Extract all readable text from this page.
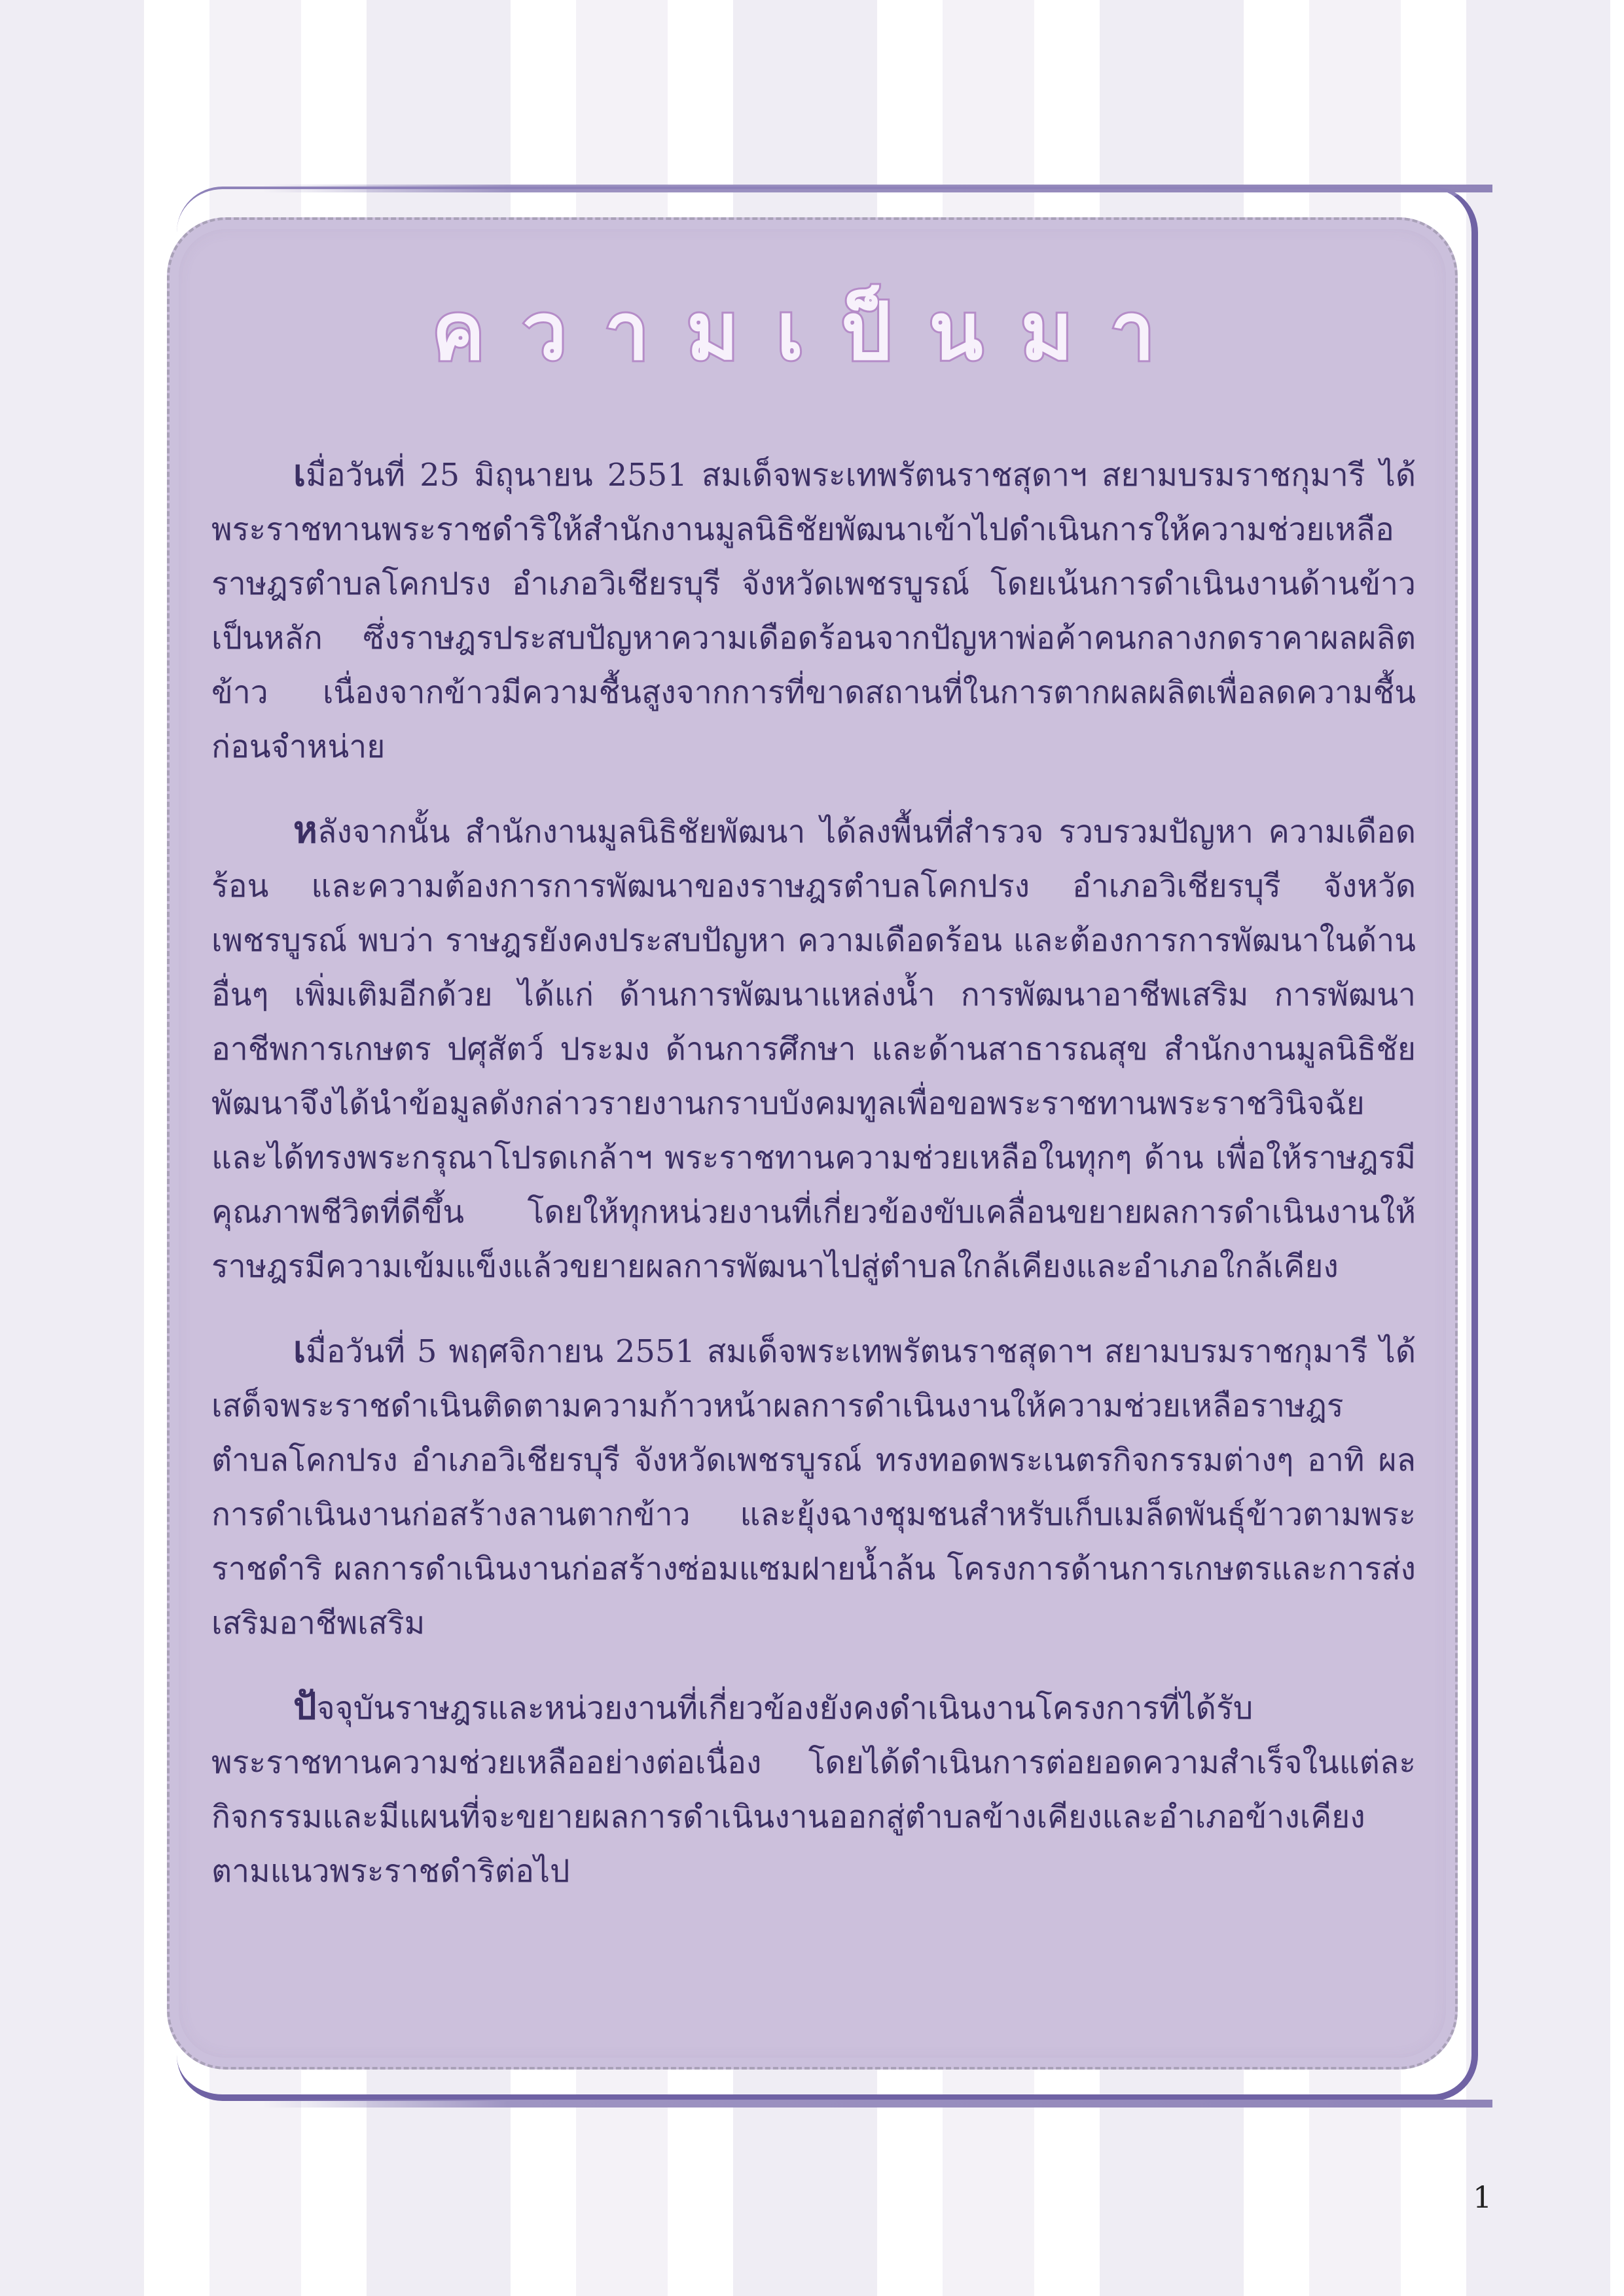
ความเป็นมา

เมื่อวันที่ 25 มิถุนายน 2551 สมเด็จพระเทพรัตนราชสุดาฯ สยามบรมราชกุมารี ได้พระราชทานพระราชดำริให้สำนักงานมูลนิธิชัยพัฒนาเข้าไปดำเนินการให้ความช่วยเหลือราษฎรตำบลโคกปรง อำเภอวิเชียรบุรี จังหวัดเพชรบูรณ์ โดยเน้นการดำเนินงานด้านข้าวเป็นหลัก ซึ่งราษฎรประสบปัญหาความเดือดร้อนจากปัญหาพ่อค้าคนกลางกดราคาผลผลิตข้าว เนื่องจากข้าวมีความชื้นสูงจากการที่ขาดสถานที่ในการตากผลผลิตเพื่อลดความชื้นก่อนจำหน่าย

หลังจากนั้น สำนักงานมูลนิธิชัยพัฒนา ได้ลงพื้นที่สำรวจ รวบรวมปัญหา ความเดือดร้อน และความต้องการการพัฒนาของราษฎรตำบลโคกปรง อำเภอวิเชียรบุรี จังหวัดเพชรบูรณ์ พบว่า ราษฎรยังคงประสบปัญหา ความเดือดร้อน และต้องการการพัฒนาในด้านอื่นๆ เพิ่มเติมอีกด้วย ได้แก่ ด้านการพัฒนาแหล่งน้ำ การพัฒนาอาชีพเสริม การพัฒนาอาชีพการเกษตร ปศุสัตว์ ประมง ด้านการศึกษา และด้านสาธารณสุข สำนักงานมูลนิธิชัยพัฒนาจึงได้นำข้อมูลดังกล่าวรายงานกราบบังคมทูลเพื่อขอพระราชทานพระราชวินิจฉัยและได้ทรงพระกรุณาโปรดเกล้าฯ พระราชทานความช่วยเหลือในทุกๆ ด้าน เพื่อให้ราษฎรมีคุณภาพชีวิตที่ดีขึ้น โดยให้ทุกหน่วยงานที่เกี่ยวข้องขับเคลื่อนขยายผลการดำเนินงานให้ราษฎรมีความเข้มแข็งแล้วขยายผลการพัฒนาไปสู่ตำบลใกล้เคียงและอำเภอใกล้เคียง

เมื่อวันที่ 5 พฤศจิกายน 2551 สมเด็จพระเทพรัตนราชสุดาฯ สยามบรมราชกุมารี ได้เสด็จพระราชดำเนินติดตามความก้าวหน้าผลการดำเนินงานให้ความช่วยเหลือราษฎรตำบลโคกปรง อำเภอวิเชียรบุรี จังหวัดเพชรบูรณ์ ทรงทอดพระเนตรกิจกรรมต่างๆ อาทิ ผลการดำเนินงานก่อสร้างลานตากข้าว และยุ้งฉางชุมชนสำหรับเก็บเมล็ดพันธุ์ข้าวตามพระราชดำริ ผลการดำเนินงานก่อสร้างซ่อมแซมฝายน้ำล้น โครงการด้านการเกษตรและการส่งเสริมอาชีพเสริม

ปัจจุบันราษฎรและหน่วยงานที่เกี่ยวข้องยังคงดำเนินงานโครงการที่ได้รับพระราชทานความช่วยเหลืออย่างต่อเนื่อง โดยได้ดำเนินการต่อยอดความสำเร็จในแต่ละกิจกรรมและมีแผนที่จะขยายผลการดำเนินงานออกสู่ตำบลข้างเคียงและอำเภอข้างเคียงตามแนวพระราชดำริต่อไป

1
